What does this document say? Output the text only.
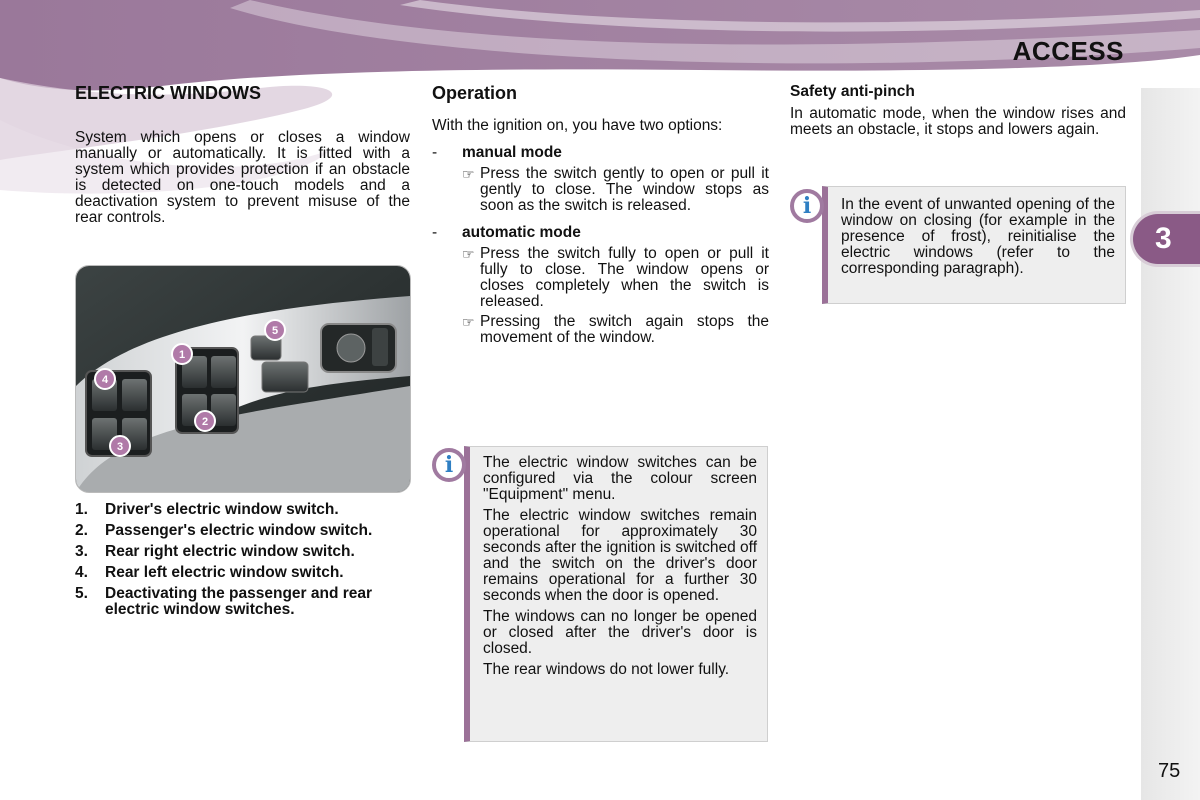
ACCESS
3
ELECTRIC WINDOWS

System which opens or closes a window manually or automatically. It is fitted with a system which provides protection if an obstacle is detected on one-touch models and a deactivation system to prevent misuse of the rear controls.

1
2
3
4
5
1.	Driver's electric window switch.
2.	Passenger's electric window switch.
3.	Rear right electric window switch.
4.	Rear left electric window switch.
5.	Deactivating the passenger and rear electric window switches.
Operation

With the ignition on, you have two options:

-	manual mode
☞ Press the switch gently to open or pull it gently to close. The window stops as soon as the switch is released.
-	automatic mode
☞ Press the switch fully to open or pull it fully to close. The window opens or closes completely when the switch is released.
☞ Pressing the switch again stops the movement of the window.

The electric window switches can be configured via the colour screen "Equipment" menu.

The electric window switches remain operational for approximately 30 seconds after the ignition is switched off and the switch on the driver's door remains operational for a further 30 seconds when the door is opened.

The windows can no longer be opened or closed after the driver's door is closed.

The rear windows do not lower fully.

i
Safety anti-pinch

In automatic mode, when the window rises and meets an obstacle, it stops and lowers again.

In the event of unwanted opening of the window on closing (for example in the presence of frost), reinitialise the electric windows (refer to the corresponding paragraph).

i
75
